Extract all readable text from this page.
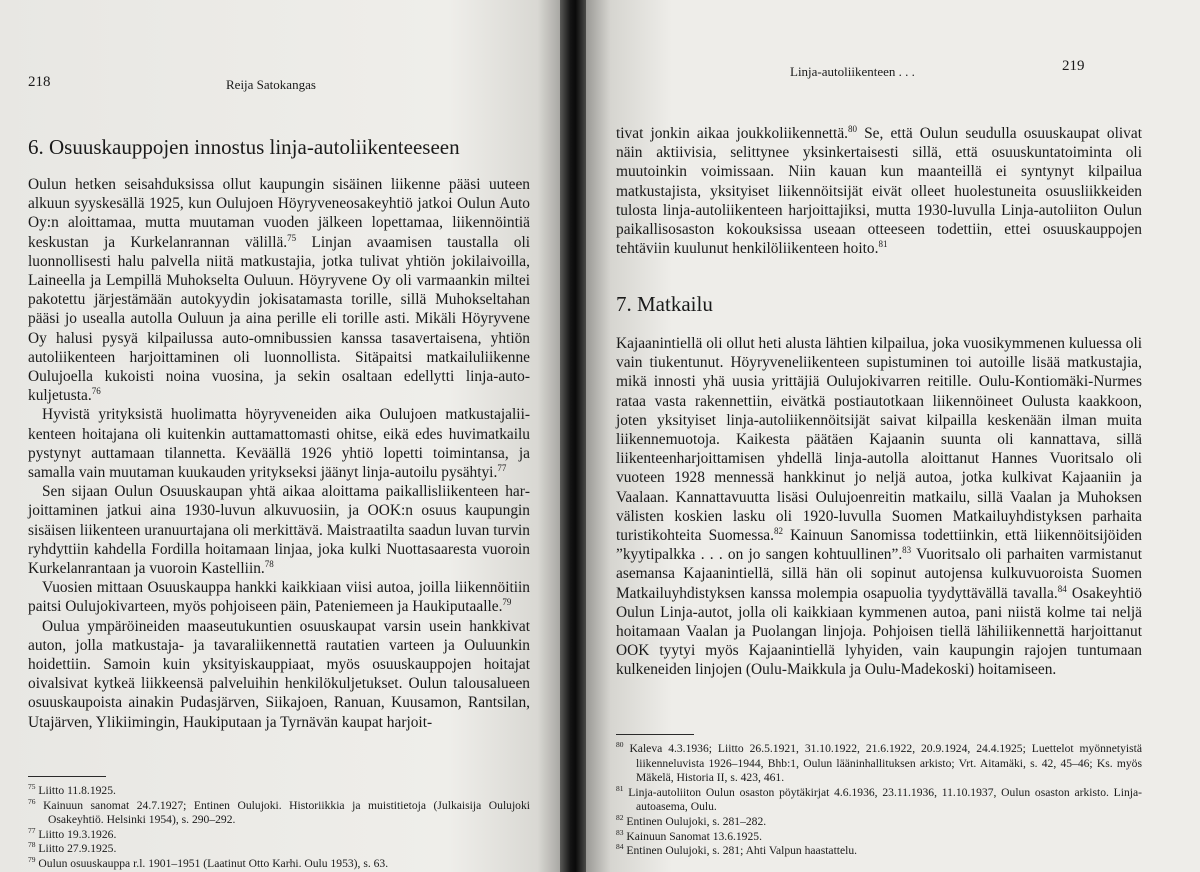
218	Reija Satokangas
6. Osuuskauppojen innostus linja-autoliikenteeseen

Oulun hetken seisahduksissa ollut kaupungin sisäinen liikenne pääsi uuteen alkuun syyskesällä 1925, kun Oulujoen Höyryveneosakeyhtiö jatkoi Oulun Auto Oy:n aloittamaa, mutta muutaman vuoden jälkeen lopettamaa, liikennöintiä keskustan ja Kurkelanrannan välillä.$^{75}$ Linjan avaamisen taustalla oli luonnollisesti halu palvella niitä matkustajia, jotka tulivat yhtiön jokilaivoilla, Laineella ja Lempillä Muhokselta Ouluun. Höyryvene Oy oli varmaankin miltei pakotettu järjestämään autokyydin jokisatamasta torille, sillä Muhokseltahan pääsi jo usealla autolla Ouluun ja aina perille eli torille asti. Mikäli Höyryvene Oy halusi pysyä kilpailussa auto-omnibussien kanssa tasavertaisena, yhtiön autoliikenteen harjoittaminen oli luonnollista. Sitäpaitsi matkailuliikenne Oulujoella kukoisti noina vuosina, ja sekin osaltaan edellytti linja-autokuljetusta.$^{76}$

Hyvistä yrityksistä huolimatta höyryveneiden aika Oulujoen matkustajaliikenteen hoitajana oli kuitenkin auttamattomasti ohitse, eikä edes huvimatkailu pystynyt auttamaan tilannetta. Keväällä 1926 yhtiö lopetti toimintansa, ja samalla vain muutaman kuukauden yritykseksi jäänyt linja-autoilu pysähtyi.$^{77}$

Sen sijaan Oulun Osuuskaupan yhtä aikaa aloittama paikallisliikenteen harjoittaminen jatkui aina 1930-luvun alkuvuosiin, ja OOK:n osuus kaupungin sisäisen liikenteen uranuurtajana oli merkittävä. Maistraatilta saadun luvan turvin ryhdyttiin kahdella Fordilla hoitamaan linjaa, joka kulki Nuottasaaresta vuoroin Kurkelanrantaan ja vuoroin Kastelliin.$^{78}$

Vuosien mittaan Osuuskauppa hankki kaikkiaan viisi autoa, joilla liikennöitiin paitsi Oulujokivarteen, myös pohjoiseen päin, Pateniemeen ja Haukiputaalle.$^{79}$

Oulua ympäröineiden maaseutukuntien osuuskaupat varsin usein hankkivat auton, jolla matkustaja- ja tavaraliikennettä rautatien varteen ja Ouluunkin hoidettiin. Samoin kuin yksityiskauppiaat, myös osuuskauppojen hoitajat oivalsivat kytkeä liikkeensä palveluihin henkilökuljetukset. Oulun talousalueen osuuskaupoista ainakin Pudasjärven, Siikajoen, Ranuan, Kuusamon, Rantsilan, Utajärven, Ylikiimingin, Haukiputaan ja Tyrnävän kaupat harjoit-

$^{75}$ Liitto 11.8.1925.

$^{76}$ Kainuun sanomat 24.7.1927; Entinen Oulujoki. Historiikkia ja muistitietoja (Julkaisija Oulujoki Osakeyhtiö. Helsinki 1954), s. 290–292.

$^{77}$ Liitto 19.3.1926.

$^{78}$ Liitto 27.9.1925.

$^{79}$ Oulun osuuskauppa r.l. 1901–1951 (Laatinut Otto Karhi. Oulu 1953), s. 63.

Linja-autoliikenteen . . .	219

tivat jonkin aikaa joukkoliikennettä.$^{80}$ Se, että Oulun seudulla osuuskaupat olivat näin aktiivisia, selittynee yksinkertaisesti sillä, että osuuskuntatoiminta oli muutoinkin voimissaan. Niin kauan kun maanteillä ei syntynyt kilpailua matkustajista, yksityiset liikennöitsijät eivät olleet huolestuneita osuusliikkeiden tulosta linja-autoliikenteen harjoittajiksi, mutta 1930-luvulla Linja-autoliiton Oulun paikallisosaston kokouksissa useaan otteeseen todettiin, ettei osuuskauppojen tehtäviin kuulunut henkilöliikenteen hoito.$^{81}$

7. Matkailu

Kajaanintiellä oli ollut heti alusta lähtien kilpailua, joka vuosikymmenen kuluessa oli vain tiukentunut. Höyryveneliikenteen supistuminen toi autoille lisää matkustajia, mikä innosti yhä uusia yrittäjiä Oulujokivarren reitille. Oulu-Kontiomäki-Nurmes rataa vasta rakennettiin, eivätkä postiautotkaan liikennöineet Oulusta kaakkoon, joten yksityiset linja-autoliikennöitsijät saivat kilpailla keskenään ilman muita liikennemuotoja. Kaikesta päätäen Kajaanin suunta oli kannattava, sillä liikenteenharjoittamisen yhdellä linja-autolla aloittanut Hannes Vuoritsalo oli vuoteen 1928 mennessä hankkinut jo neljä autoa, jotka kulkivat Kajaaniin ja Vaalaan. Kannattavuutta lisäsi Oulujoenreitin matkailu, sillä Vaalan ja Muhoksen välisten koskien lasku oli 1920-luvulla Suomen Matkailuyhdistyksen parhaita turistikohteita Suomessa.$^{82}$ Kainuun Sanomissa todettiinkin, että liikennöitsijöiden ”kyytipalkka . . . on jo sangen kohtuullinen”.$^{83}$ Vuoritsalo oli parhaiten varmistanut asemansa Kajaanintiellä, sillä hän oli sopinut autojensa kulkuvuoroista Suomen Matkailuyhdistyksen kanssa molempia osapuolia tyydyttävällä tavalla.$^{84}$ Osakeyhtiö Oulun Linja-autot, jolla oli kaikkiaan kymmenen autoa, pani niistä kolme tai neljä hoitamaan Vaalan ja Puolangan linjoja. Pohjoisen tiellä lähiliikennettä harjoittanut OOK tyytyi myös Kajaanintiellä lyhyiden, vain kaupungin rajojen tuntumaan kulkeneiden linjojen (Oulu-Maikkula ja Oulu-Madekoski) hoitamiseen.

$^{80}$ Kaleva 4.3.1936; Liitto 26.5.1921, 31.10.1922, 21.6.1922, 20.9.1924, 24.4.1925; Luettelot myönnetyistä liikenneluvista 1926–1944, Bhb:1, Oulun lääninhallituksen arkisto; Vrt. Aitamäki, s. 42, 45–46; Ks. myös Mäkelä, Historia II, s. 423, 461.

$^{81}$ Linja-autoliiton Oulun osaston pöytäkirjat 4.6.1936, 23.11.1936, 11.10.1937, Oulun osaston arkisto. Linja-autoasema, Oulu.

$^{82}$ Entinen Oulujoki, s. 281–282.

$^{83}$ Kainuun Sanomat 13.6.1925.

$^{84}$ Entinen Oulujoki, s. 281; Ahti Valpun haastattelu.
